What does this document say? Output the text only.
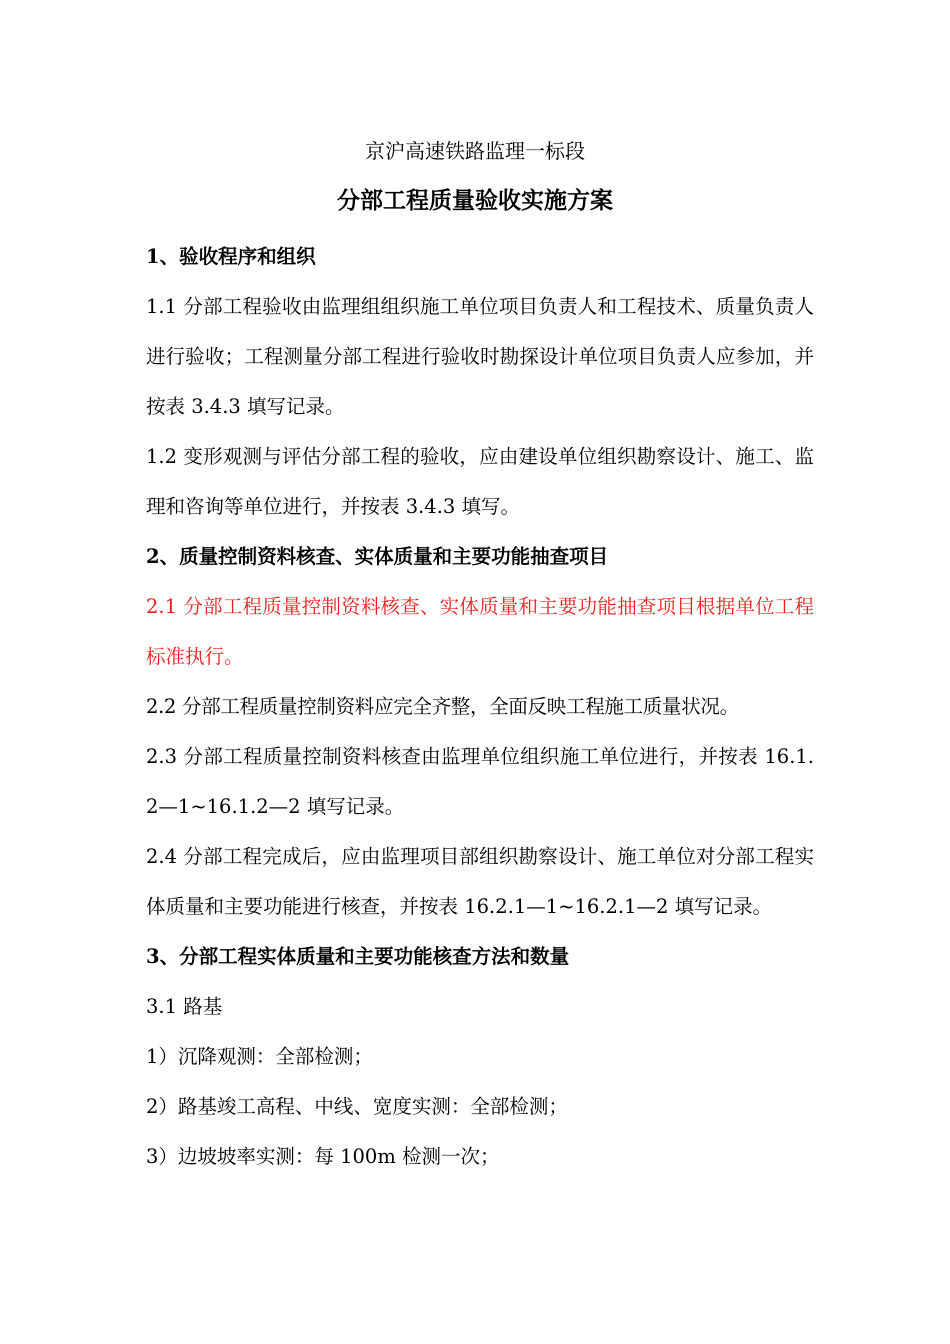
京沪高速铁路监理一标段
分部工程质量验收实施方案

1、验收程序和组织

1.1 分部工程验收由监理组组织施工单位项目负责人和工程技术、质量负责人进行验收；工程测量分部工程进行验收时勘探设计单位项目负责人应参加，并按表 3.4.3 填写记录。

1.2 变形观测与评估分部工程的验收，应由建设单位组织勘察设计、施工、监理和咨询等单位进行，并按表 3.4.3 填写。

2、质量控制资料核查、实体质量和主要功能抽查项目

2.1 分部工程质量控制资料核查、实体质量和主要功能抽查项目根据单位工程标准执行。

2.2 分部工程质量控制资料应完全齐整，全面反映工程施工质量状况。

2.3 分部工程质量控制资料核查由监理单位组织施工单位进行，并按表 16.1.2—1~16.1.2—2 填写记录。

2.4 分部工程完成后，应由监理项目部组织勘察设计、施工单位对分部工程实体质量和主要功能进行核查，并按表 16.2.1—1~16.2.1—2 填写记录。

3、分部工程实体质量和主要功能核查方法和数量

3.1 路基

1）沉降观测：全部检测；

2）路基竣工高程、中线、宽度实测：全部检测；

3）边坡坡率实测：每 100m 检测一次；
